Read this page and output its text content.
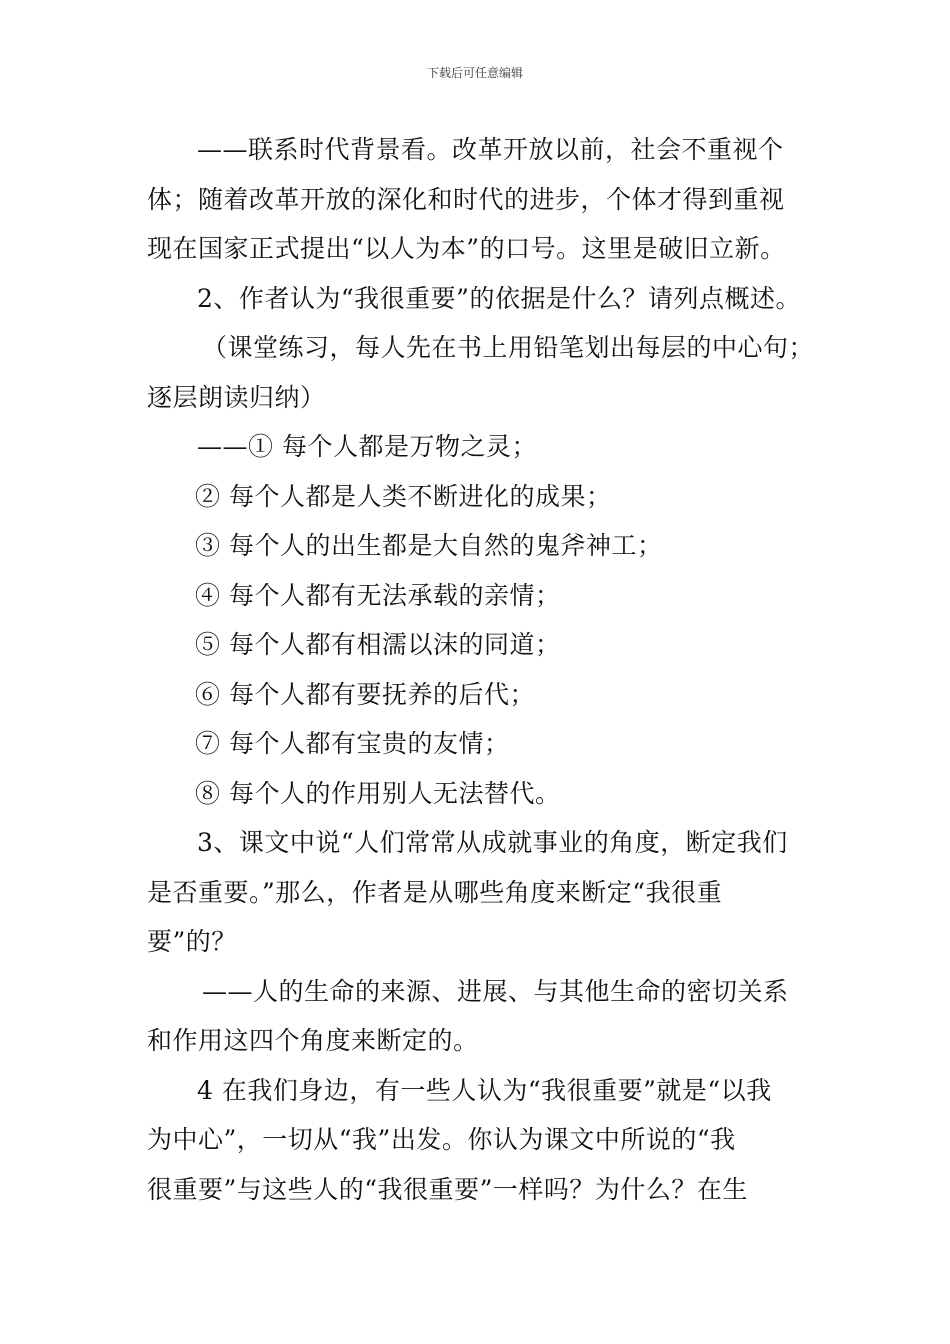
下载后可任意编辑
——联系时代背景看。改革开放以前，社会不重视个
体；随着改革开放的深化和时代的进步，个体才得到重视
现在国家正式提出“以人为本”的口号。这里是破旧立新。
2、作者认为“我很重要”的依据是什么？请列点概述。
（课堂练习，每人先在书上用铅笔划出每层的中心句；
逐层朗读归纳）
——① 每个人都是万物之灵；
② 每个人都是人类不断进化的成果；
③ 每个人的出生都是大自然的鬼斧神工；
④ 每个人都有无法承载的亲情；
⑤ 每个人都有相濡以沫的同道；
⑥ 每个人都有要抚养的后代；
⑦ 每个人都有宝贵的友情；
⑧ 每个人的作用别人无法替代。
3、课文中说“人们常常从成就事业的角度，断定我们
是否重要。”那么，作者是从哪些角度来断定“我很重
要”的？
——人的生命的来源、进展、与其他生命的密切关系
和作用这四个角度来断定的。
4 在我们身边，有一些人认为“我很重要”就是“以我
为中心”，一切从“我”出发。你认为课文中所说的“我
很重要”与这些人的“我很重要”一样吗？为什么？在生
